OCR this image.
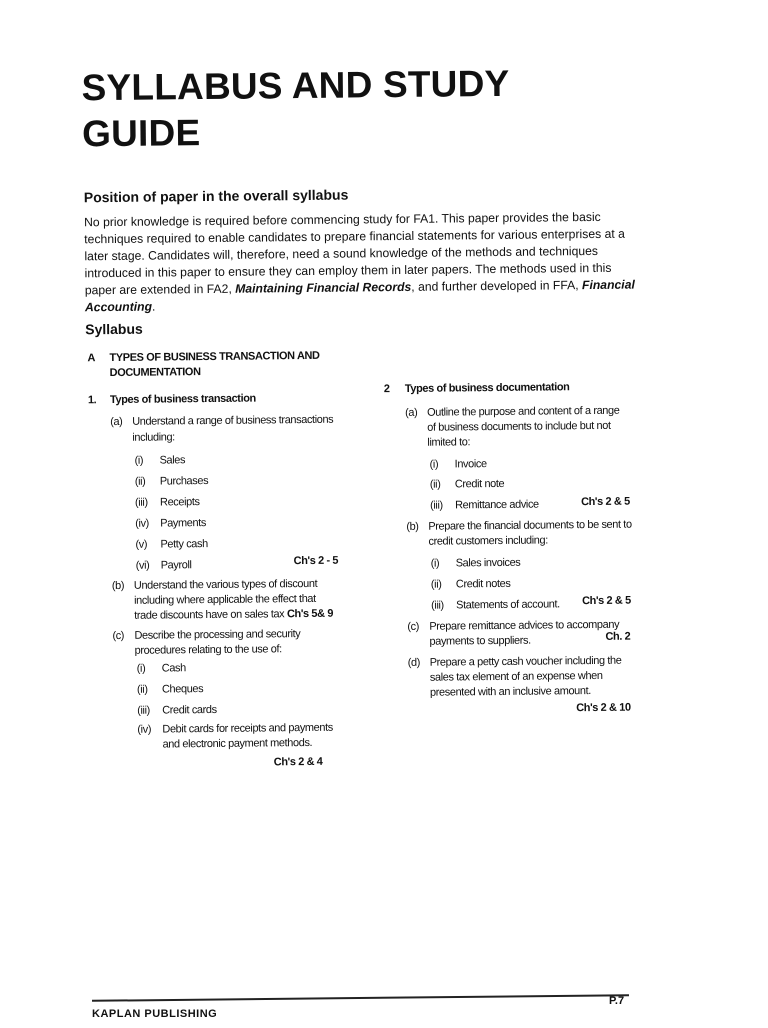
SYLLABUS AND STUDY
GUIDE
Position of paper in the overall syllabus
No prior knowledge is required before commencing study for FA1. This paper provides the basic techniques required to enable candidates to prepare financial statements for various enterprises at a later stage. Candidates will, therefore, need a sound knowledge of the methods and techniques introduced in this paper to ensure they can employ them in later papers. The methods used in this paper are extended in FA2, Maintaining Financial Records, and further developed in FFA, Financial Accounting.
Syllabus
A TYPES OF BUSINESS TRANSACTION AND
DOCUMENTATION
1. Types of business transaction
(a) Understand a range of business transactions
including:
(i) Sales
(ii) Purchases
(iii) Receipts
(iv) Payments
(v) Petty cash
(vi) Payroll	Ch's 2 - 5
(b) Understand the various types of discount
including where applicable the effect that
trade discounts have on sales tax Ch's 5& 9
(c) Describe the processing and security
procedures relating to the use of:
(i) Cash
(ii) Cheques
(iii) Credit cards
(iv) Debit cards for receipts and payments
and electronic payment methods.
Ch's 2 & 4
2 Types of business documentation
(a) Outline the purpose and content of a range
of business documents to include but not
limited to:
(i) Invoice
(ii) Credit note
(iii) Remittance advice	Ch's 2 & 5
(b) Prepare the financial documents to be sent to
credit customers including:
(i) Sales invoices
(ii) Credit notes
(iii) Statements of account. Ch's 2 & 5
(c) Prepare remittance advices to accompany
payments to suppliers.	Ch. 2
(d) Prepare a petty cash voucher including the
sales tax element of an expense when
presented with an inclusive amount.
Ch's 2 & 10
KAPLAN PUBLISHING
P.7
